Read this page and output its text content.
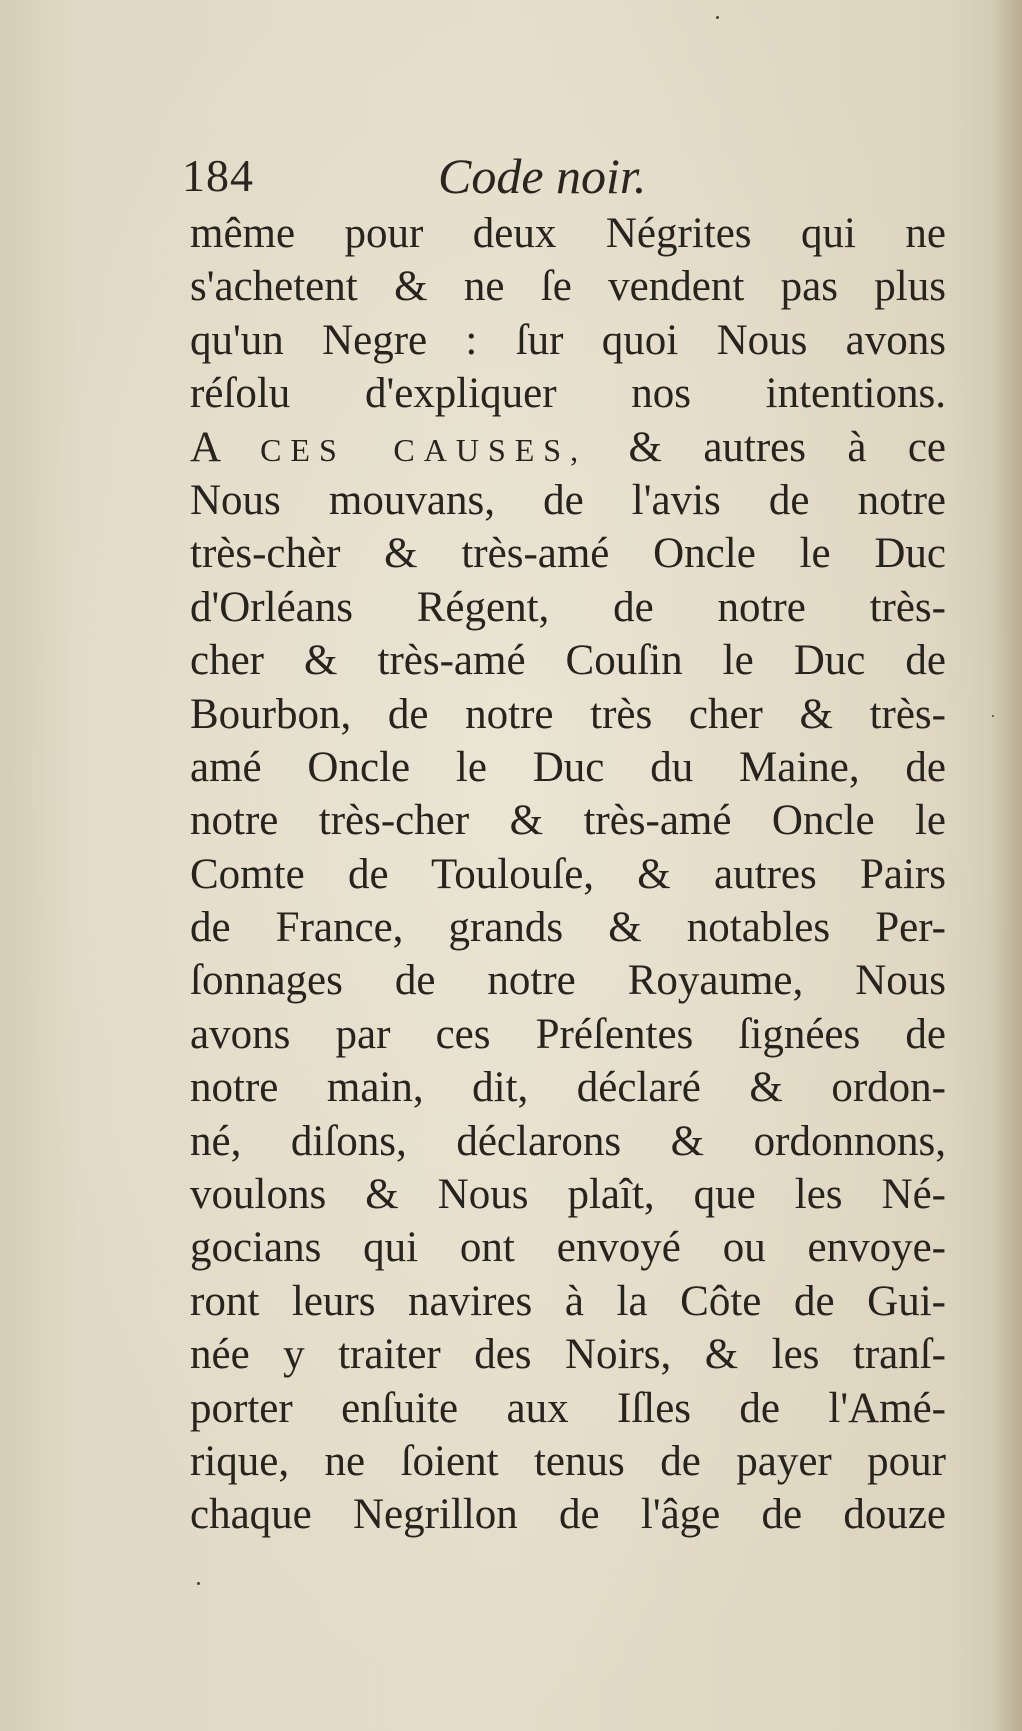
184	Code noir.
même pour deux Négrites qui ne
s'achetent & ne ſe vendent pas plus
qu'un Negre : ſur quoi Nous avons
réſolu d'expliquer nos intentions.
A CES CAUSES, & autres à ce
Nous mouvans, de l'avis de notre
très-chèr & très-amé Oncle le Duc
d'Orléans Régent, de notre très-
cher & très-amé Couſin le Duc de
Bourbon, de notre très cher & très-
amé Oncle le Duc du Maine, de
notre très-cher & très-amé Oncle le
Comte de Toulouſe, & autres Pairs
de France, grands & notables Per-
ſonnages de notre Royaume, Nous
avons par ces Préſentes ſignées de
notre main, dit, déclaré & ordon-
né, diſons, déclarons & ordonnons,
voulons & Nous plaît, que les Né-
gocians qui ont envoyé ou envoye-
ront leurs navires à la Côte de Gui-
née y traiter des Noirs, & les tranſ-
porter enſuite aux Iſles de l'Amé-
rique, ne ſoient tenus de payer pour
chaque Negrillon de l'âge de douze
